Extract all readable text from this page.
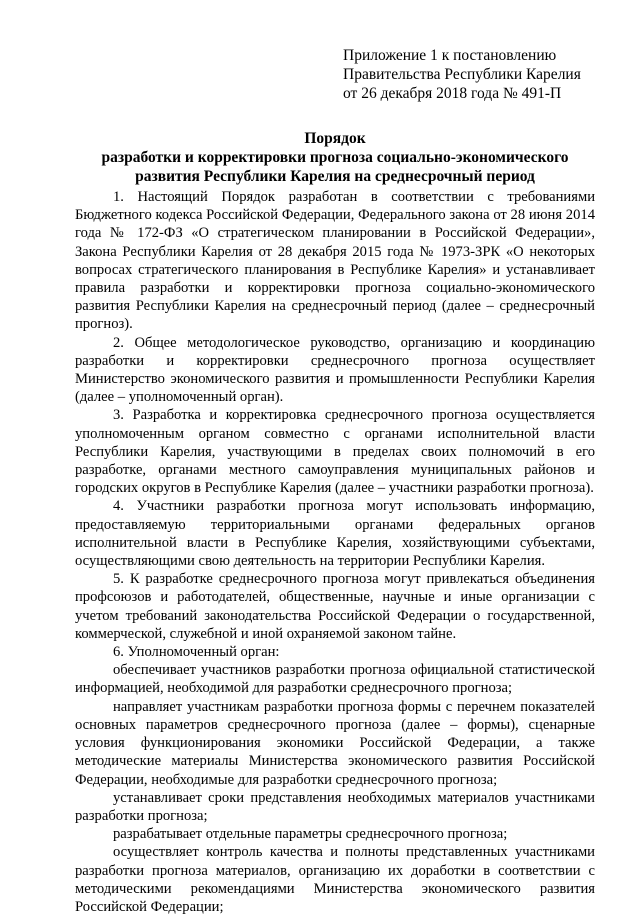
Приложение 1 к постановлению
Правительства Республики Карелия
от 26 декабря 2018 года № 491-П
Порядок
разработки и корректировки прогноза социально-экономического
развития Республики Карелия на среднесрочный период

1. Настоящий Порядок разработан в соответствии с требованиями Бюджетного кодекса Российской Федерации, Федерального закона от 28 июня 2014 года № 172-ФЗ «О стратегическом планировании в Российской Федерации», Закона Республики Карелия от 28 декабря 2015 года № 1973-ЗРК «О некоторых вопросах стратегического планирования в Республике Карелия» и устанавливает правила разработки и корректировки прогноза социально-экономического развития Республики Карелия на среднесрочный период (далее – среднесрочный прогноз).

2. Общее методологическое руководство, организацию и координацию разработки и корректировки среднесрочного прогноза осуществляет Министерство экономического развития и промышленности Республики Карелия (далее – уполномоченный орган).

3. Разработка и корректировка среднесрочного прогноза осуществляется уполномоченным органом совместно с органами исполнительной власти Республики Карелия, участвующими в пределах своих полномочий в его разработке, органами местного самоуправления муниципальных районов и городских округов в Республике Карелия (далее – участники разработки прогноза).

4. Участники разработки прогноза могут использовать информацию, предоставляемую территориальными органами федеральных органов исполнительной власти в Республике Карелия, хозяйствующими субъектами, осуществляющими свою деятельность на территории Республики Карелия.

5. К разработке среднесрочного прогноза могут привлекаться объединения профсоюзов и работодателей, общественные, научные и иные организации с учетом требований законодательства Российской Федерации о государственной, коммерческой, служебной и иной охраняемой законом тайне.

6. Уполномоченный орган:

обеспечивает участников разработки прогноза официальной статистической информацией, необходимой для разработки среднесрочного прогноза;

направляет участникам разработки прогноза формы с перечнем показателей основных параметров среднесрочного прогноза (далее – формы), сценарные условия функционирования экономики Российской Федерации, а также методические материалы Министерства экономического развития Российской Федерации, необходимые для разработки среднесрочного прогноза;

устанавливает сроки представления необходимых материалов участниками разработки прогноза;

разрабатывает отдельные параметры среднесрочного прогноза;

осуществляет контроль качества и полноты представленных участниками разработки прогноза материалов, организацию их доработки в соответствии с методическими рекомендациями Министерства экономического развития Российской Федерации;
